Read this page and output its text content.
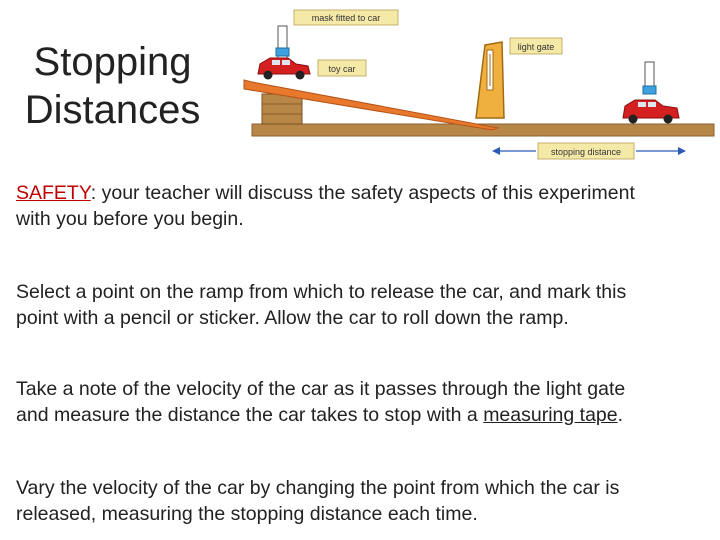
Stopping
Distances
mask fitted to car
toy car
light gate
stopping distance

SAFETY: your teacher will discuss the safety aspects of this experiment
with you before you begin.

Select a point on the ramp from which to release the car, and mark this
point with a pencil or sticker. Allow the car to roll down the ramp.

Take a note of the velocity of the car as it passes through the light gate
and measure the distance the car takes to stop with a measuring tape.

Vary the velocity of the car by changing the point from which the car is
released, measuring the stopping distance each time.
